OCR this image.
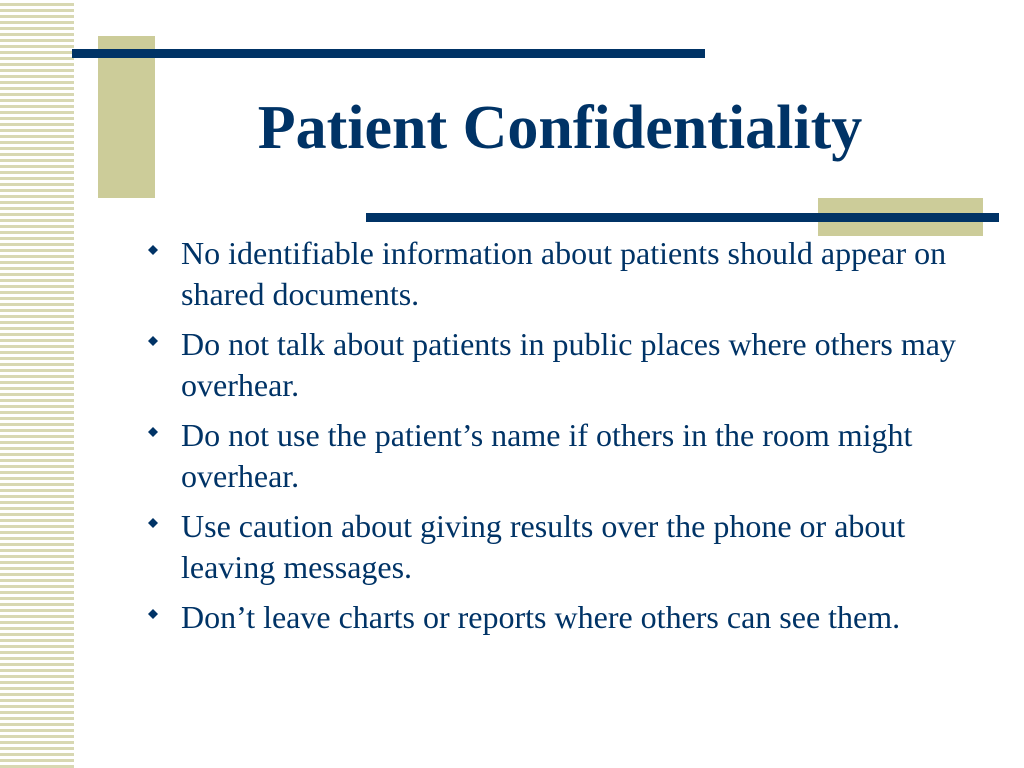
Patient Confidentiality
No identifiable information about patients should appear on shared documents.
Do not talk about patients in public places where others may overhear.
Do not use the patient’s name if others in the room might overhear.
Use caution about giving results over the phone or about leaving messages.
Don’t leave charts or reports where others can see them.
